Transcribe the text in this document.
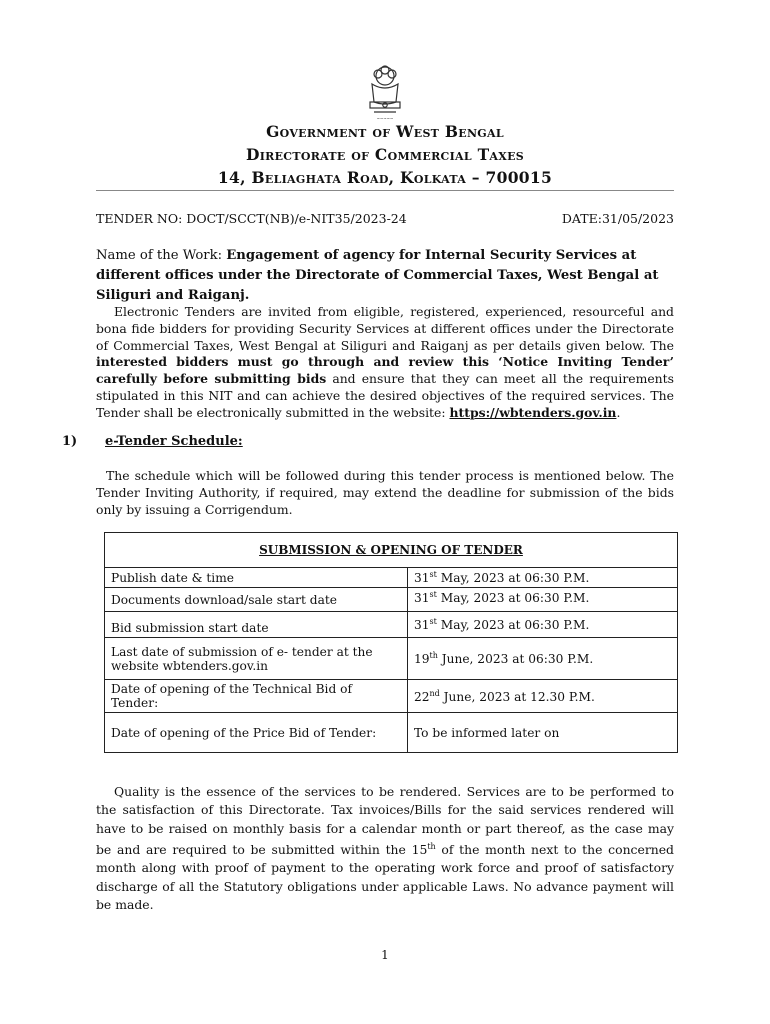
~~~~~
Government of West Bengal
Directorate of Commercial Taxes
14, Beliaghata Road, Kolkata – 700015
TENDER NO: DOCT/SCCT(NB)/e-NIT35/2023-24	DATE:31/05/2023
Name of the Work: Engagement of agency for Internal Security Services at different offices under the Directorate of Commercial Taxes, West Bengal at Siliguri and Raiganj.
Electronic Tenders are invited from eligible, registered, experienced, resourceful and bona fide bidders for providing Security Services at different offices under the Directorate of Commercial Taxes, West Bengal at Siliguri and Raiganj as per details given below. The interested bidders must go through and review this ‘Notice Inviting Tender’ carefully before submitting bids and ensure that they can meet all the requirements stipulated in this NIT and can achieve the desired objectives of the required services. The Tender shall be electronically submitted in the website: https://wbtenders.gov.in.
1) e-Tender Schedule:
The schedule which will be followed during this tender process is mentioned below. The Tender Inviting Authority, if required, may extend the deadline for submission of the bids only by issuing a Corrigendum.
SUBMISSION & OPENING OF TENDER	
Publish date & time	31st May, 2023 at 06:30 P.M.
Documents download/sale start date	31st May, 2023 at 06:30 P.M.
Bid submission start date	31st May, 2023 at 06:30 P.M.
Last date of submission of e- tender at the website wbtenders.gov.in	19th June, 2023 at 06:30 P.M.
Date of opening of the Technical Bid of Tender:	22nd June, 2023 at 12.30 P.M.
Date of opening of the Price Bid of Tender:	To be informed later on
Quality is the essence of the services to be rendered. Services are to be performed to the satisfaction of this Directorate. Tax invoices/Bills for the said services rendered will have to be raised on monthly basis for a calendar month or part thereof, as the case may be and are required to be submitted within the 15th of the month next to the concerned month along with proof of payment to the operating work force and proof of satisfactory discharge of all the Statutory obligations under applicable Laws. No advance payment will be made.
1
